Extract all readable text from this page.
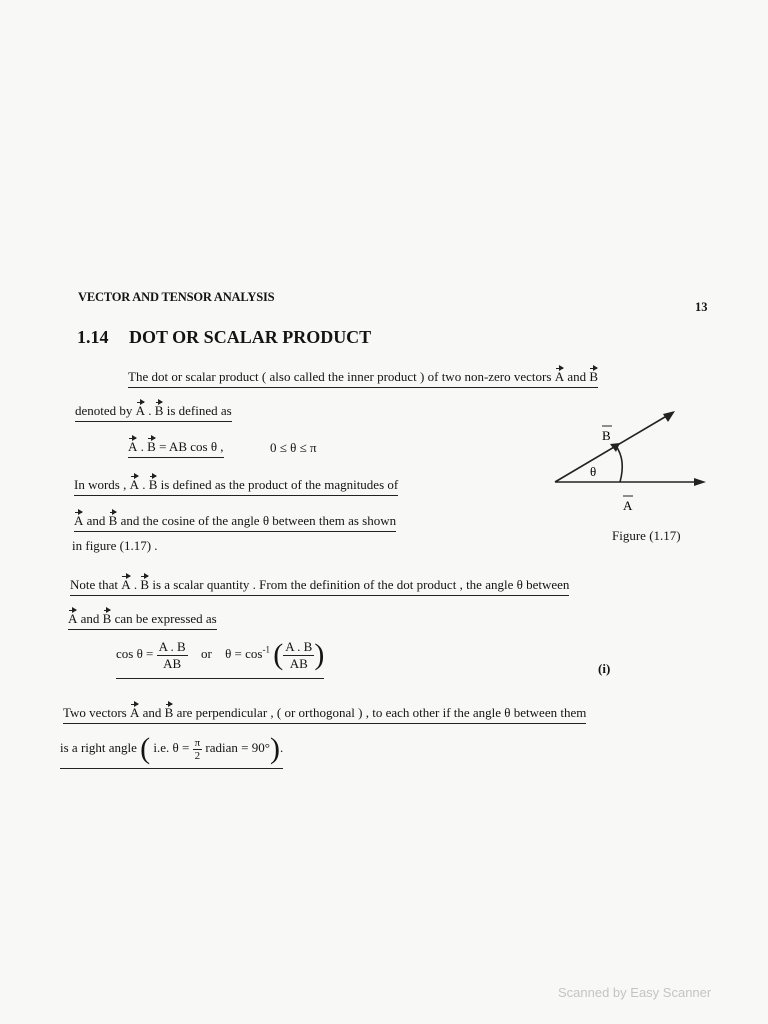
VECTOR AND TENSOR ANALYSIS
13
1.14 DOT OR SCALAR PRODUCT
The dot or scalar product ( also called the inner product ) of two non-zero vectors A and B
denoted by A . B is defined as
A . B = AB cos θ ,	0 ≤ θ ≤ π
In words , A . B is defined as the product of the magnitudes of
A and B and the cosine of the angle θ between them as shown
in figure (1.17) .
θ
B
A
Figure (1.17)
Note that A . B is a scalar quantity . From the definition of the dot product , the angle θ between
A and B can be expressed as
$\cos \theta = \frac{A . B}{AB}$ or $\theta = \cos^{-1}$ ( $\frac{A . B}{AB}$ )	(i)
Two vectors A and B are perpendicular , ( or orthogonal ) , to each other if the angle θ between them
is a right angle ( i.e. $\theta = \frac{\pi}{2}$ radian = 90°).
Scanned by Easy Scanner
